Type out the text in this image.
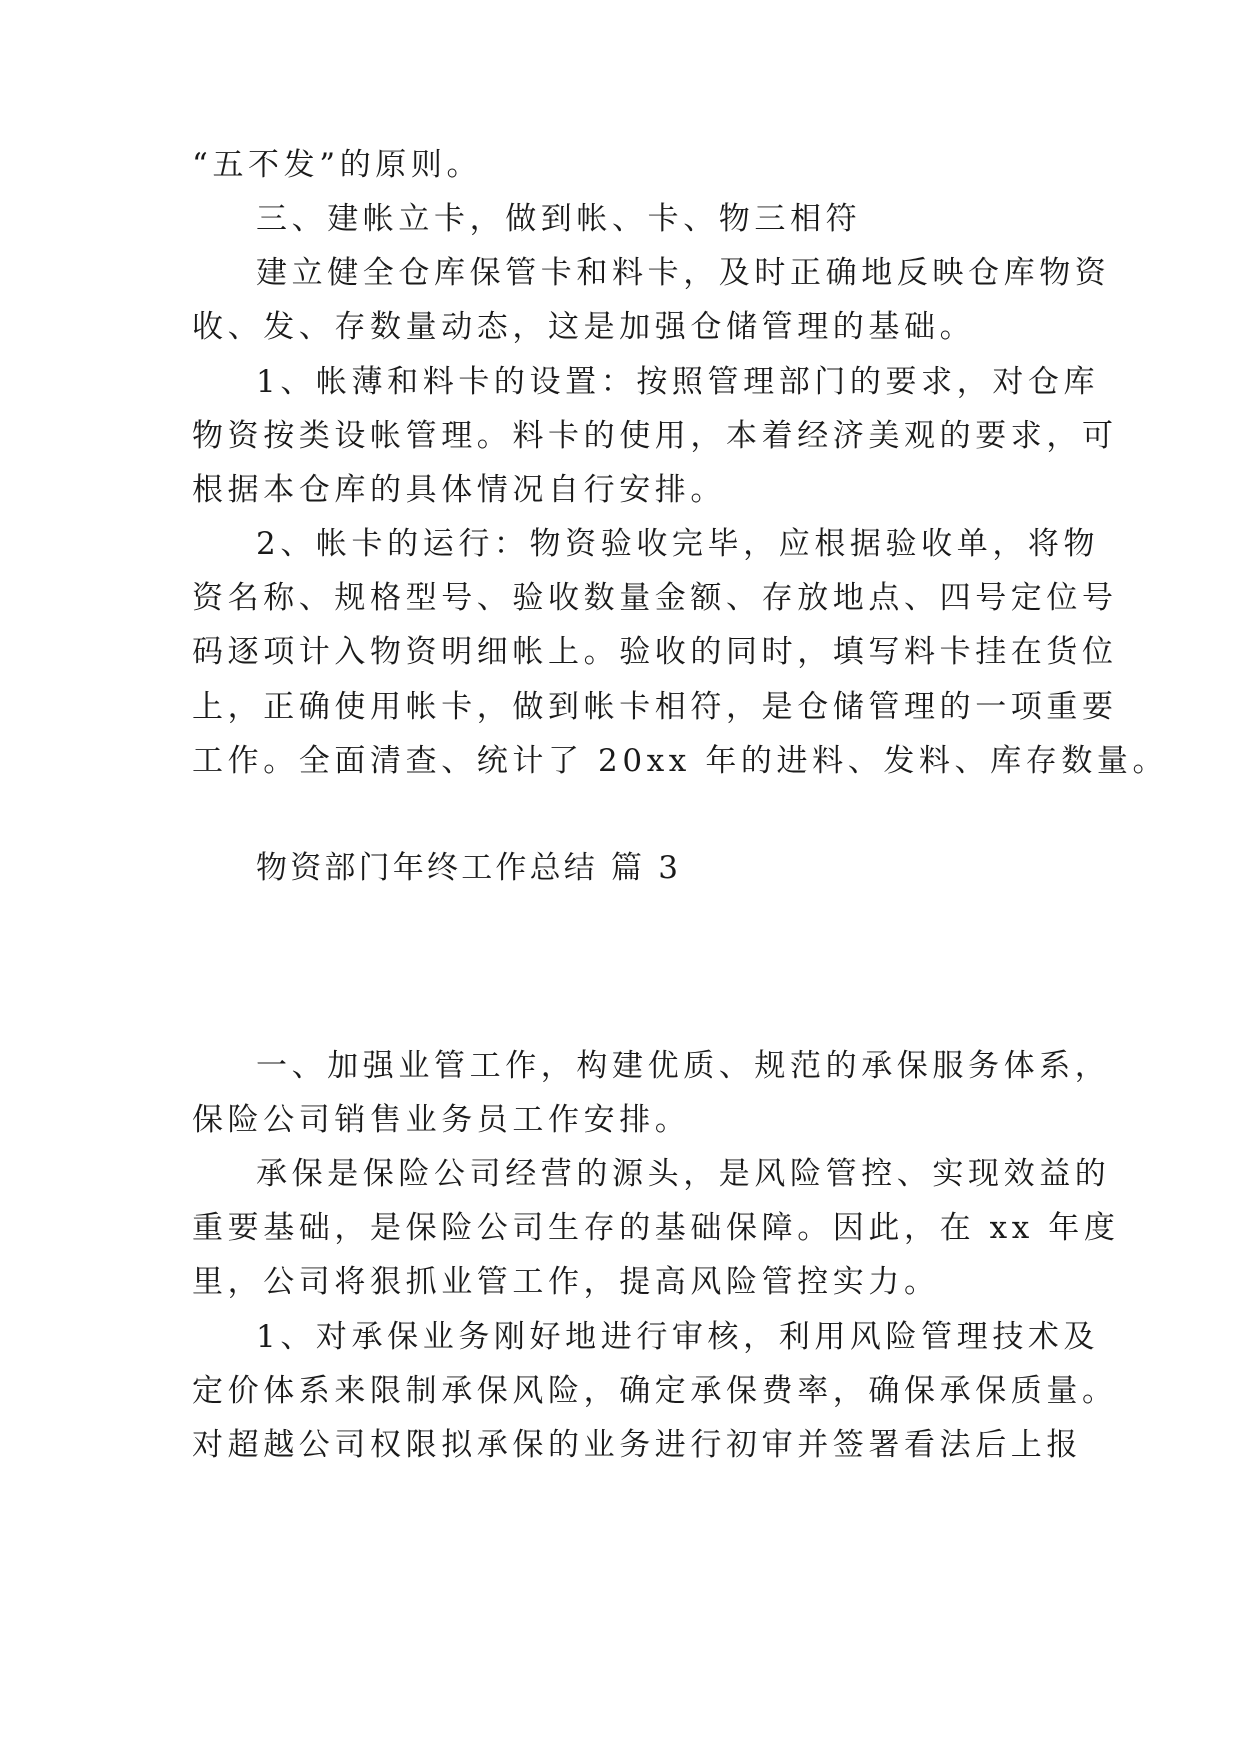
“五不发”的原则。
三、建帐立卡，做到帐、卡、物三相符
建立健全仓库保管卡和料卡，及时正确地反映仓库物资
收、发、存数量动态，这是加强仓储管理的基础。
1、帐薄和料卡的设置：按照管理部门的要求，对仓库
物资按类设帐管理。料卡的使用，本着经济美观的要求，可
根据本仓库的具体情况自行安排。
2、帐卡的运行：物资验收完毕，应根据验收单，将物
资名称、规格型号、验收数量金额、存放地点、四号定位号
码逐项计入物资明细帐上。验收的同时，填写料卡挂在货位
上，正确使用帐卡，做到帐卡相符，是仓储管理的一项重要
工作。全面清查、统计了 20xx 年的进料、发料、库存数量。
物资部门年终工作总结 篇 3
一、加强业管工作，构建优质、规范的承保服务体系，
保险公司销售业务员工作安排。
承保是保险公司经营的源头，是风险管控、实现效益的
重要基础，是保险公司生存的基础保障。因此，在 xx 年度
里，公司将狠抓业管工作，提高风险管控实力。
1、对承保业务刚好地进行审核，利用风险管理技术及
定价体系来限制承保风险，确定承保费率，确保承保质量。
对超越公司权限拟承保的业务进行初审并签署看法后上报
